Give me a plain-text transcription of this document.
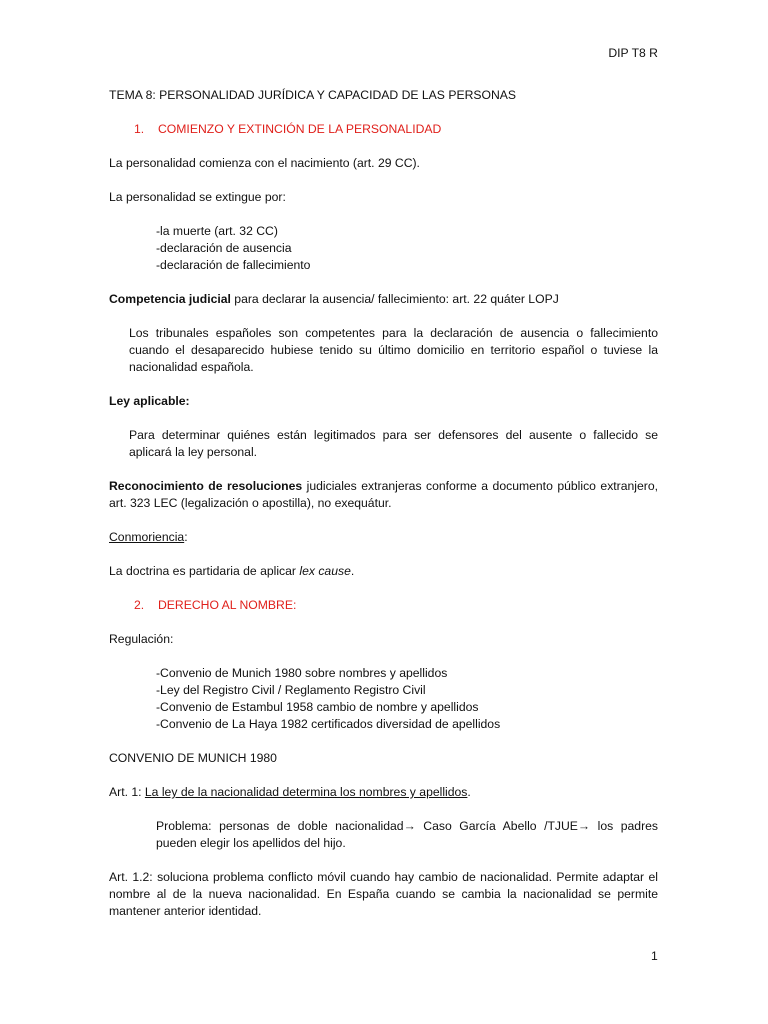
DIP T8 R

TEMA 8: PERSONALIDAD JURÍDICA Y CAPACIDAD DE LAS PERSONAS

1. COMIENZO Y EXTINCIÓN DE LA PERSONALIDAD

La personalidad comienza con el nacimiento (art. 29 CC).

La personalidad se extingue por:

-la muerte (art. 32 CC)
-declaración de ausencia
-declaración de fallecimiento

Competencia judicial para declarar la ausencia/ fallecimiento: art. 22 quáter LOPJ

Los tribunales españoles son competentes para la declaración de ausencia o fallecimiento cuando el desaparecido hubiese tenido su último domicilio en territorio español o tuviese la nacionalidad española.

Ley aplicable:

Para determinar quiénes están legitimados para ser defensores del ausente o fallecido se aplicará la ley personal.

Reconocimiento de resoluciones judiciales extranjeras conforme a documento público extranjero, art. 323 LEC (legalización o apostilla), no exequátur.

Conmoriencia:

La doctrina es partidaria de aplicar lex cause.

2. DERECHO AL NOMBRE:

Regulación:

-Convenio de Munich 1980 sobre nombres y apellidos
-Ley del Registro Civil / Reglamento Registro Civil
-Convenio de Estambul 1958 cambio de nombre y apellidos
-Convenio de La Haya 1982 certificados diversidad de apellidos

CONVENIO DE MUNICH 1980

Art. 1: La ley de la nacionalidad determina los nombres y apellidos.

Problema: personas de doble nacionalidad→ Caso García Abello /TJUE→ los padres pueden elegir los apellidos del hijo.

Art. 1.2: soluciona problema conflicto móvil cuando hay cambio de nacionalidad. Permite adaptar el nombre al de la nueva nacionalidad. En España cuando se cambia la nacionalidad se permite mantener anterior identidad.

1
